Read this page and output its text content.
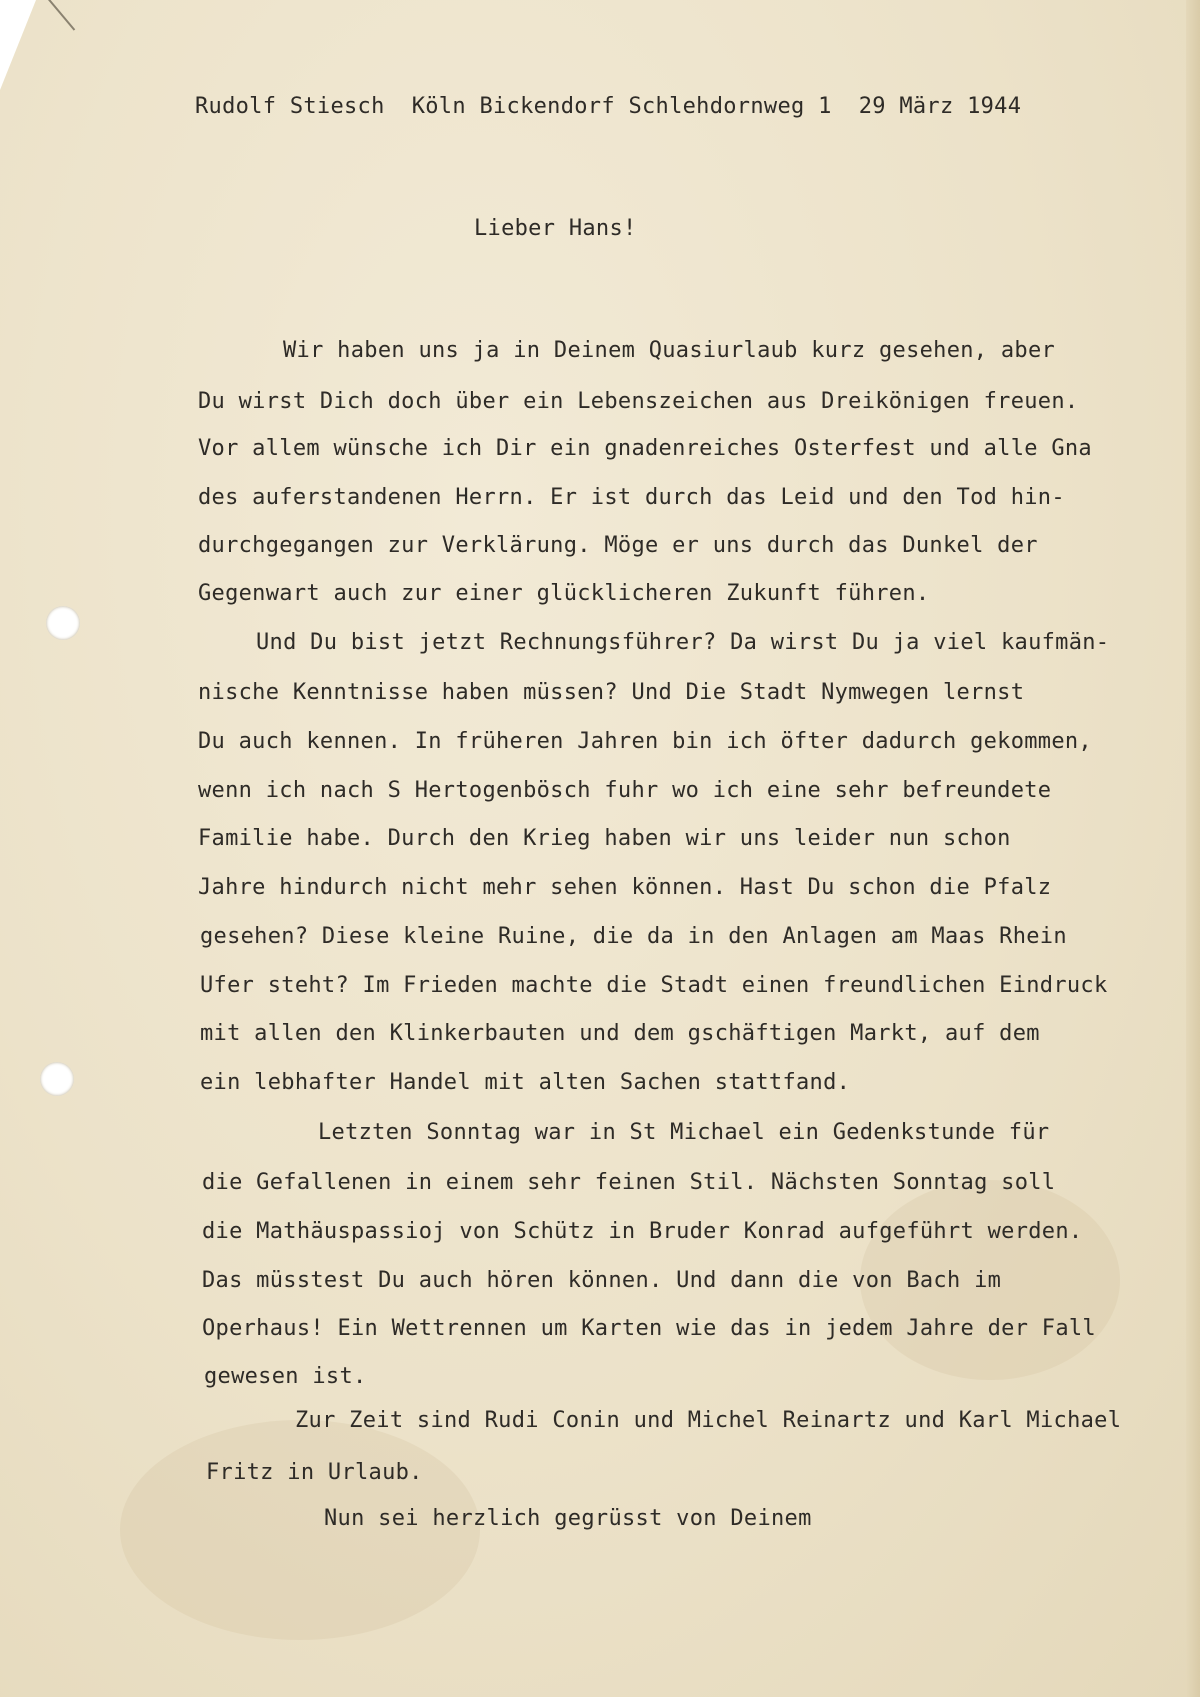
Rudolf Stiesch  Köln Bickendorf Schlehdornweg 1  29 März 1944

Lieber Hans!

Wir haben uns ja in Deinem Quasiurlaub kurz gesehen, aber

Du wirst Dich doch über ein Lebenszeichen aus Dreikönigen freuen.

Vor allem wünsche ich Dir ein gnadenreiches Osterfest und alle Gna

des auferstandenen Herrn. Er ist durch das Leid und den Tod hin-

durchgegangen zur Verklärung. Möge er uns durch das Dunkel der

Gegenwart auch zur einer glücklicheren Zukunft führen.

Und Du bist jetzt Rechnungsführer? Da wirst Du ja viel kaufmän-

nische Kenntnisse haben müssen? Und Die Stadt Nymwegen lernst

Du auch kennen. In früheren Jahren bin ich öfter dadurch gekommen,

wenn ich nach S Hertogenbösch fuhr wo ich eine sehr befreundete

Familie habe. Durch den Krieg haben wir uns leider nun schon

Jahre hindurch nicht mehr sehen können. Hast Du schon die Pfalz

gesehen? Diese kleine Ruine, die da in den Anlagen am Maas Rhein

Ufer steht? Im Frieden machte die Stadt einen freundlichen Eindruck

mit allen den Klinkerbauten und dem gschäftigen Markt, auf dem

ein lebhafter Handel mit alten Sachen stattfand.

Letzten Sonntag war in St Michael ein Gedenkstunde für

die Gefallenen in einem sehr feinen Stil. Nächsten Sonntag soll

die Mathäuspassioj von Schütz in Bruder Konrad aufgeführt werden.

Das müsstest Du auch hören können. Und dann die von Bach im

Operhaus! Ein Wettrennen um Karten wie das in jedem Jahre der Fall

gewesen ist.

Zur Zeit sind Rudi Conin und Michel Reinartz und Karl Michael

Fritz in Urlaub.

Nun sei herzlich gegrüsst von Deinem
